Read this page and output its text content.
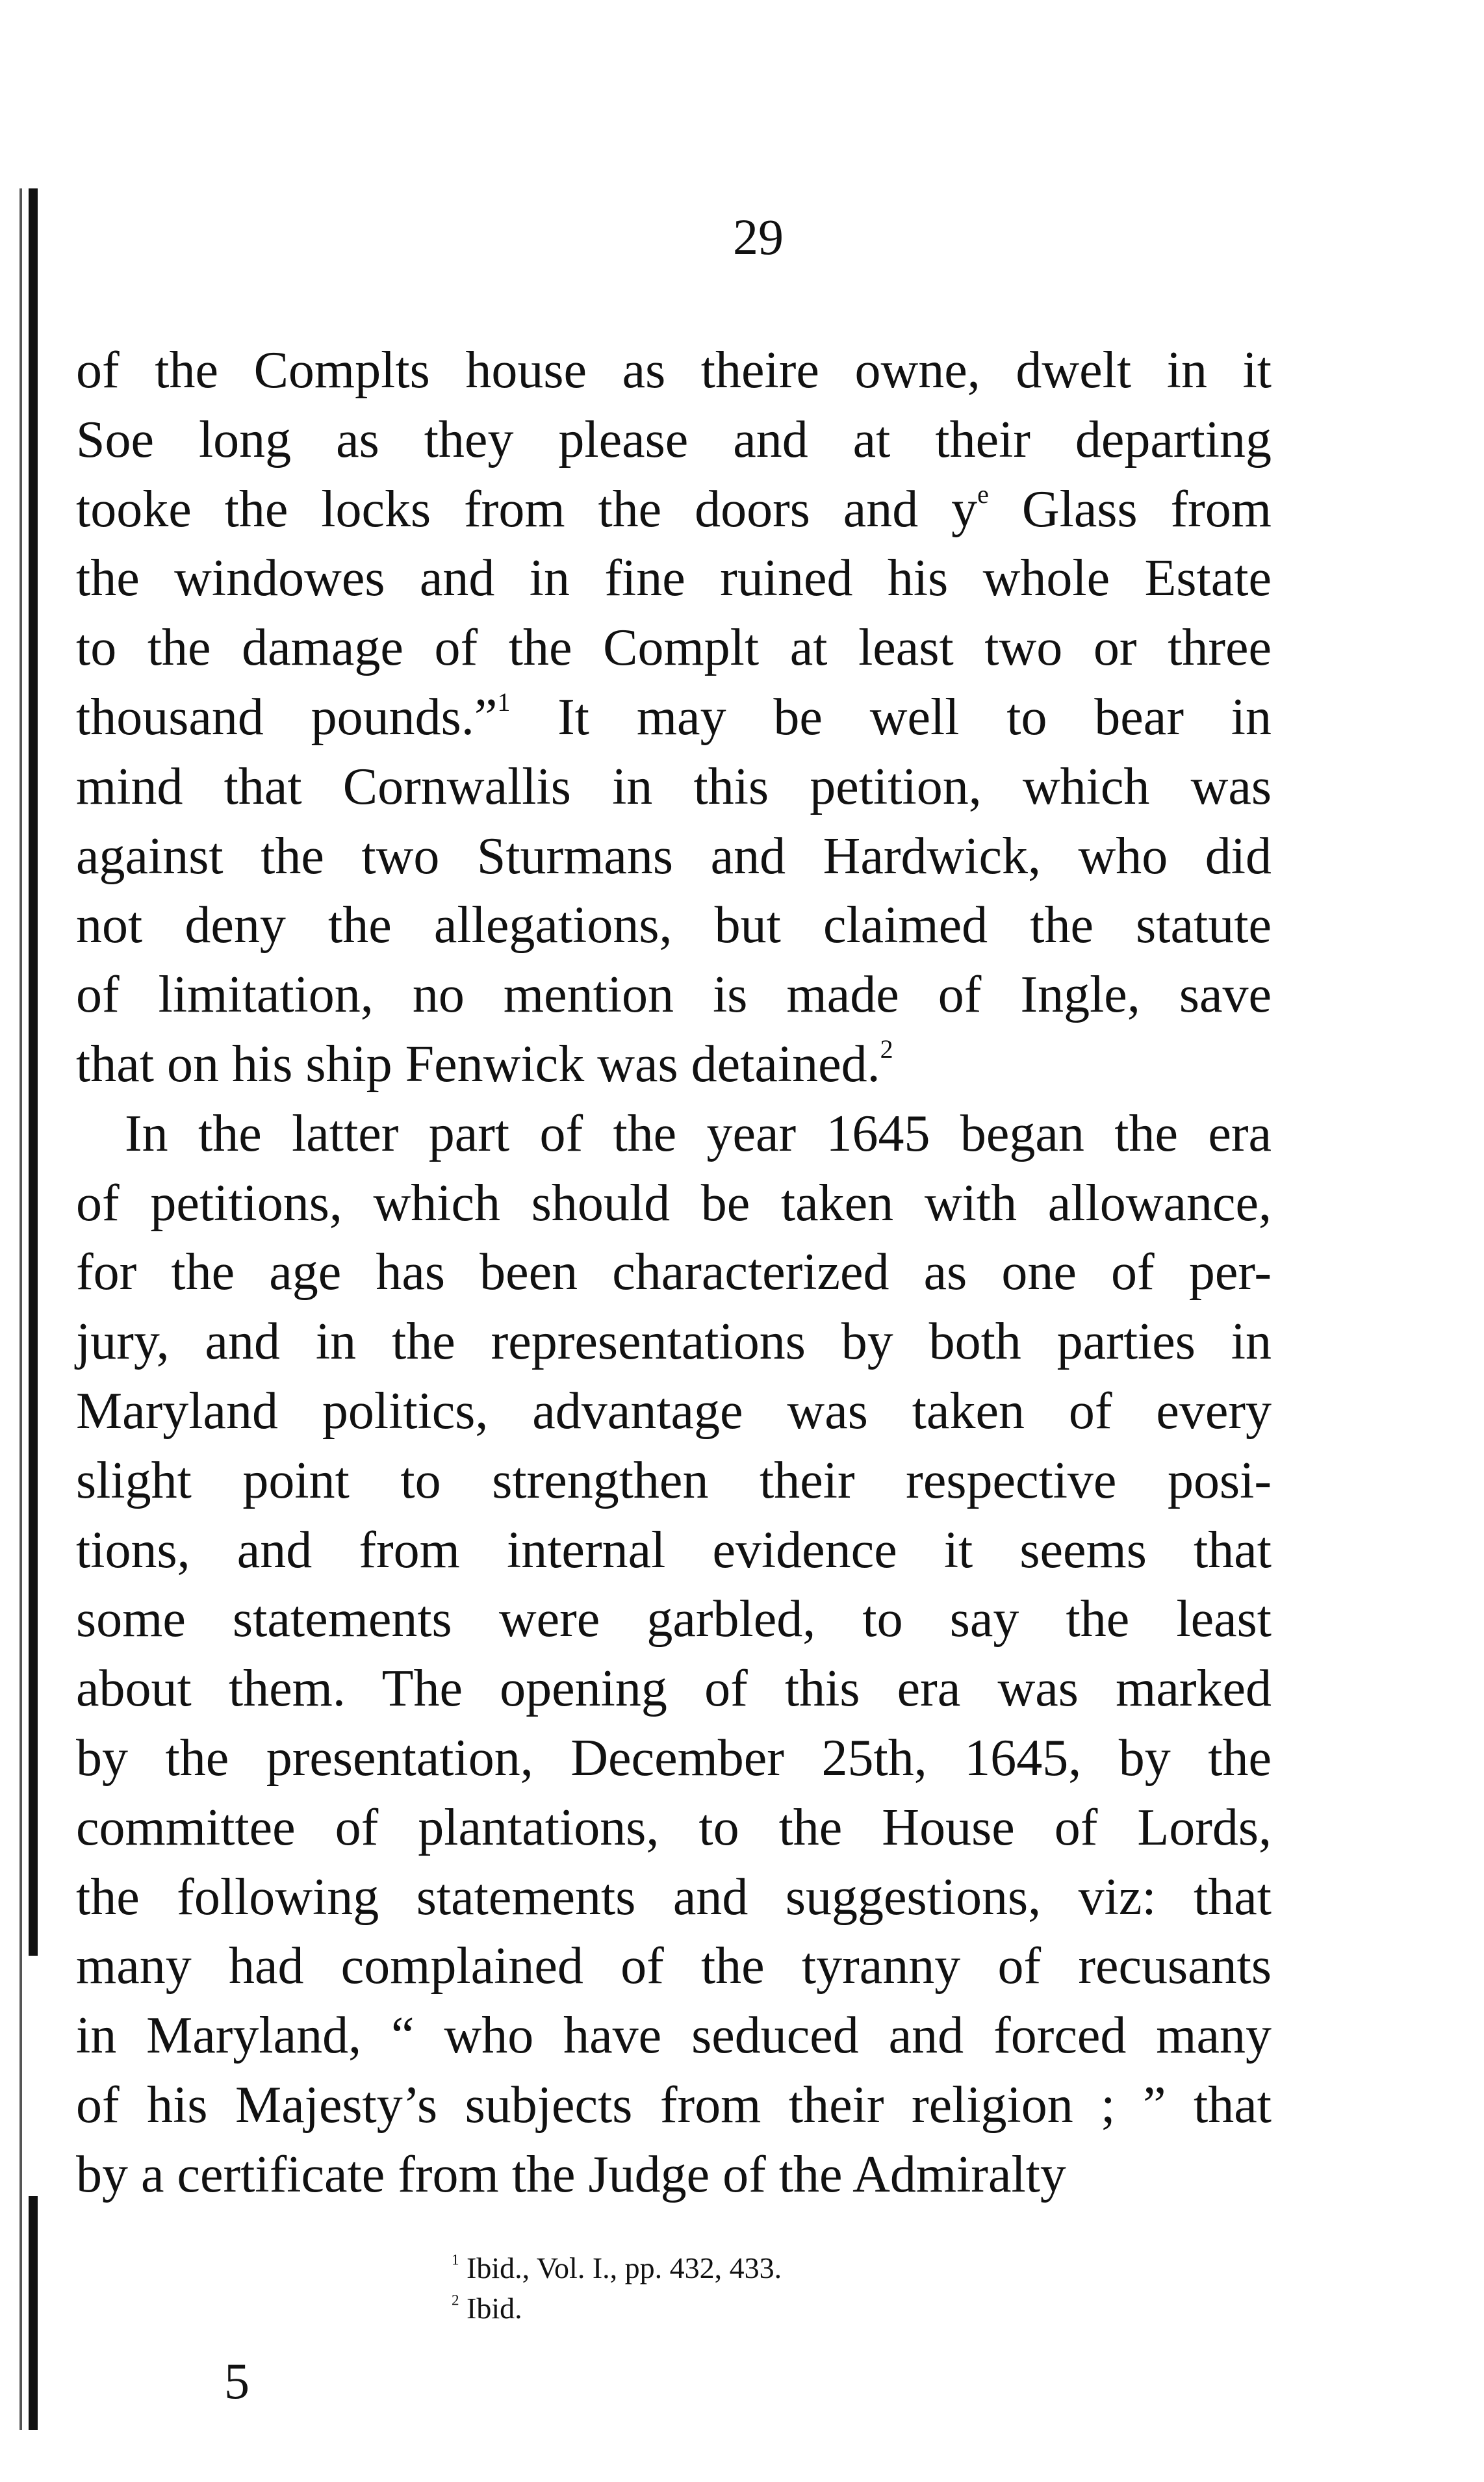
29
of the Complts house as theire owne, dwelt in it
Soe long as they please and at their departing
tooke the locks from the doors and $y^e$ Glass from
the windowes and in fine ruined his whole Estate
to the damage of the Complt at least two or three
thousand pounds.”$^1$ It may be well to bear in
mind that Cornwallis in this petition, which was
against the two Sturmans and Hardwick, who did
not deny the allegations, but claimed the statute
of limitation, no mention is made of Ingle, save
that on his ship Fenwick was detained.$^2$
In the latter part of the year 1645 began the era
of petitions, which should be taken with allowance,
for the age has been characterized as one of per-
jury, and in the representations by both parties in
Maryland politics, advantage was taken of every
slight point to strengthen their respective posi-
tions, and from internal evidence it seems that
some statements were garbled, to say the least
about them. The opening of this era was marked
by the presentation, December 25th, 1645, by the
committee of plantations, to the House of Lords,
the following statements and suggestions, viz: that
many had complained of the tyranny of recusants
in Maryland, “ who have seduced and forced many
of his Majesty’s subjects from their religion ; ” that
by a certificate from the Judge of the Admiralty
$^1$ Ibid., Vol. I., pp. 432, 433.
$^2$ Ibid.
5
